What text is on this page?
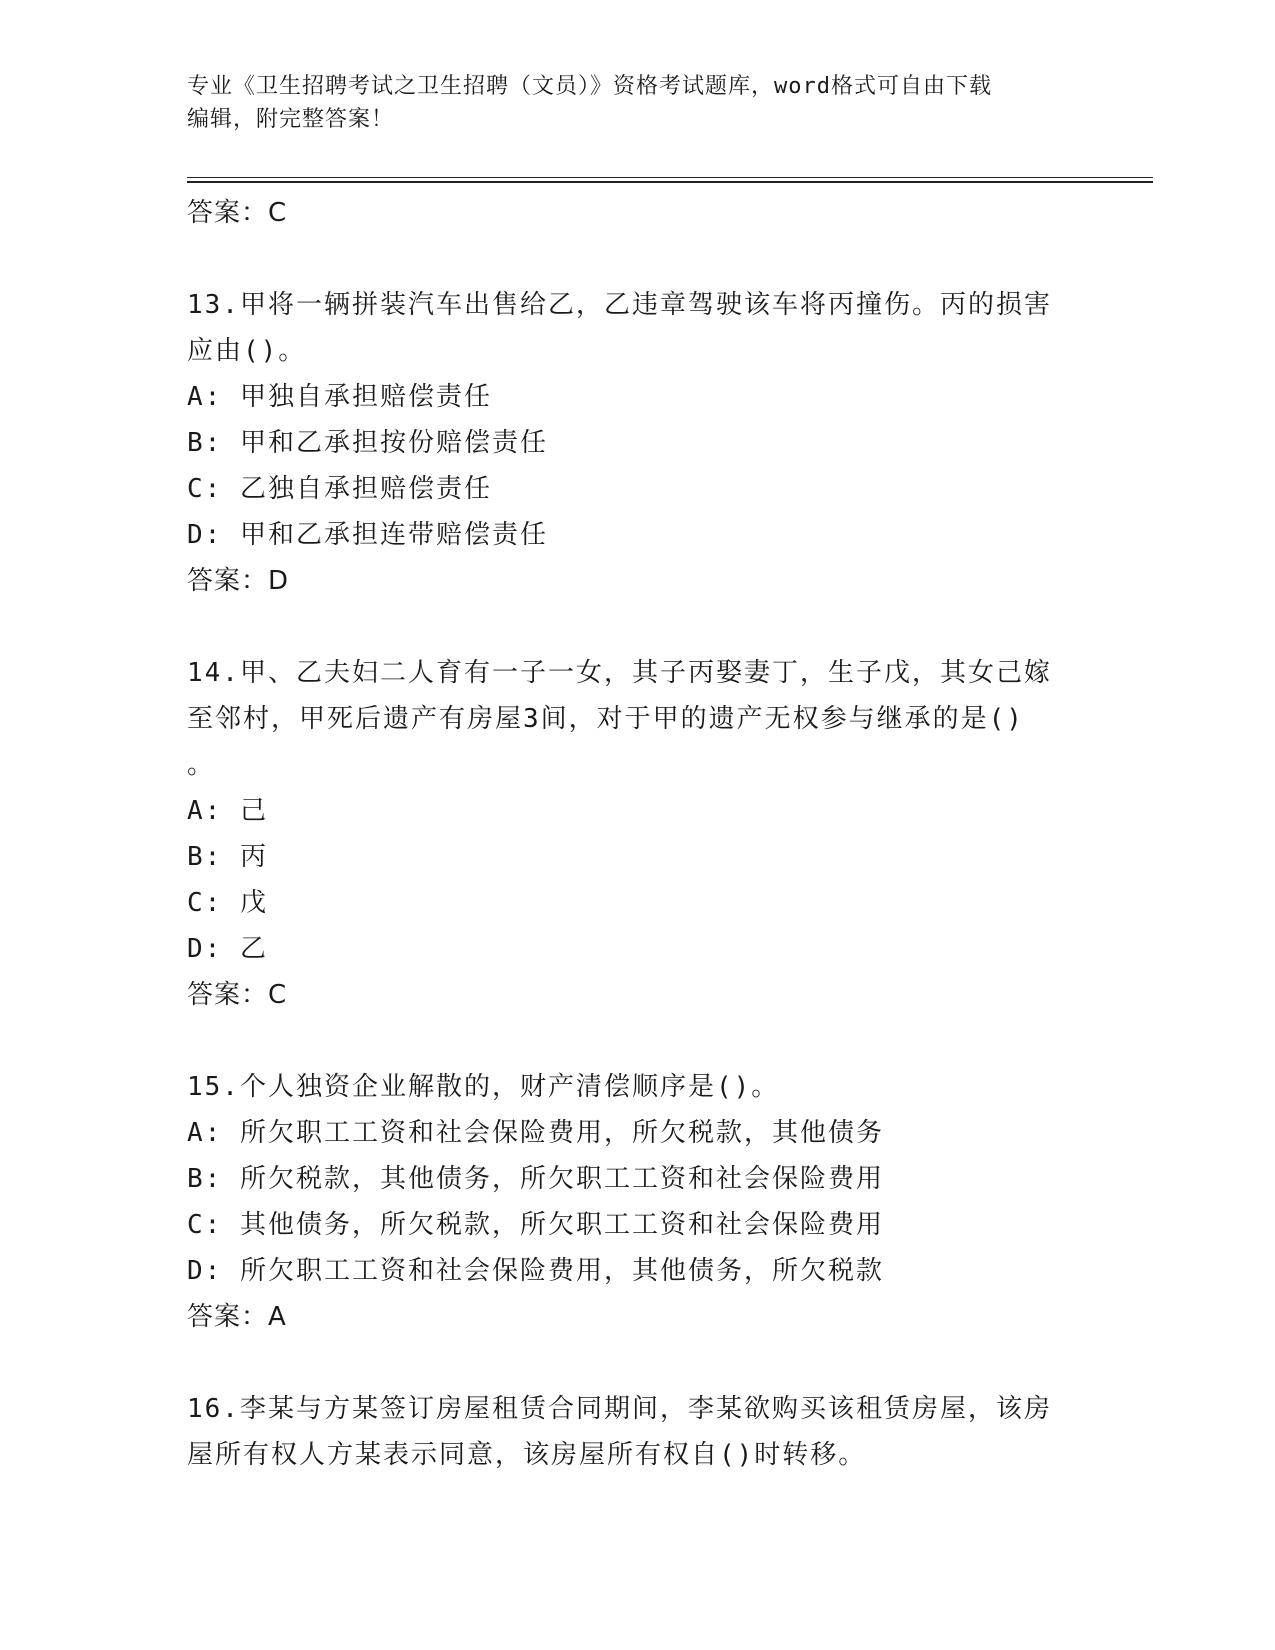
专业《卫生招聘考试之卫生招聘（文员）》资格考试题库，word格式可自由下载
编辑，附完整答案！
答案：C
13.甲将一辆拼装汽车出售给乙，乙违章驾驶该车将丙撞伤。丙的损害
应由()。
A: 甲独自承担赔偿责任
B: 甲和乙承担按份赔偿责任
C: 乙独自承担赔偿责任
D: 甲和乙承担连带赔偿责任
答案：D
14.甲、乙夫妇二人育有一子一女，其子丙娶妻丁，生子戊，其女己嫁
至邻村，甲死后遗产有房屋3间，对于甲的遗产无权参与继承的是()
。
A: 己
B: 丙
C: 戊
D: 乙
答案：C
15.个人独资企业解散的，财产清偿顺序是()。
A: 所欠职工工资和社会保险费用，所欠税款，其他债务
B: 所欠税款，其他债务，所欠职工工资和社会保险费用
C: 其他债务，所欠税款，所欠职工工资和社会保险费用
D: 所欠职工工资和社会保险费用，其他债务，所欠税款
答案：A
16.李某与方某签订房屋租赁合同期间，李某欲购买该租赁房屋，该房
屋所有权人方某表示同意，该房屋所有权自()时转移。
